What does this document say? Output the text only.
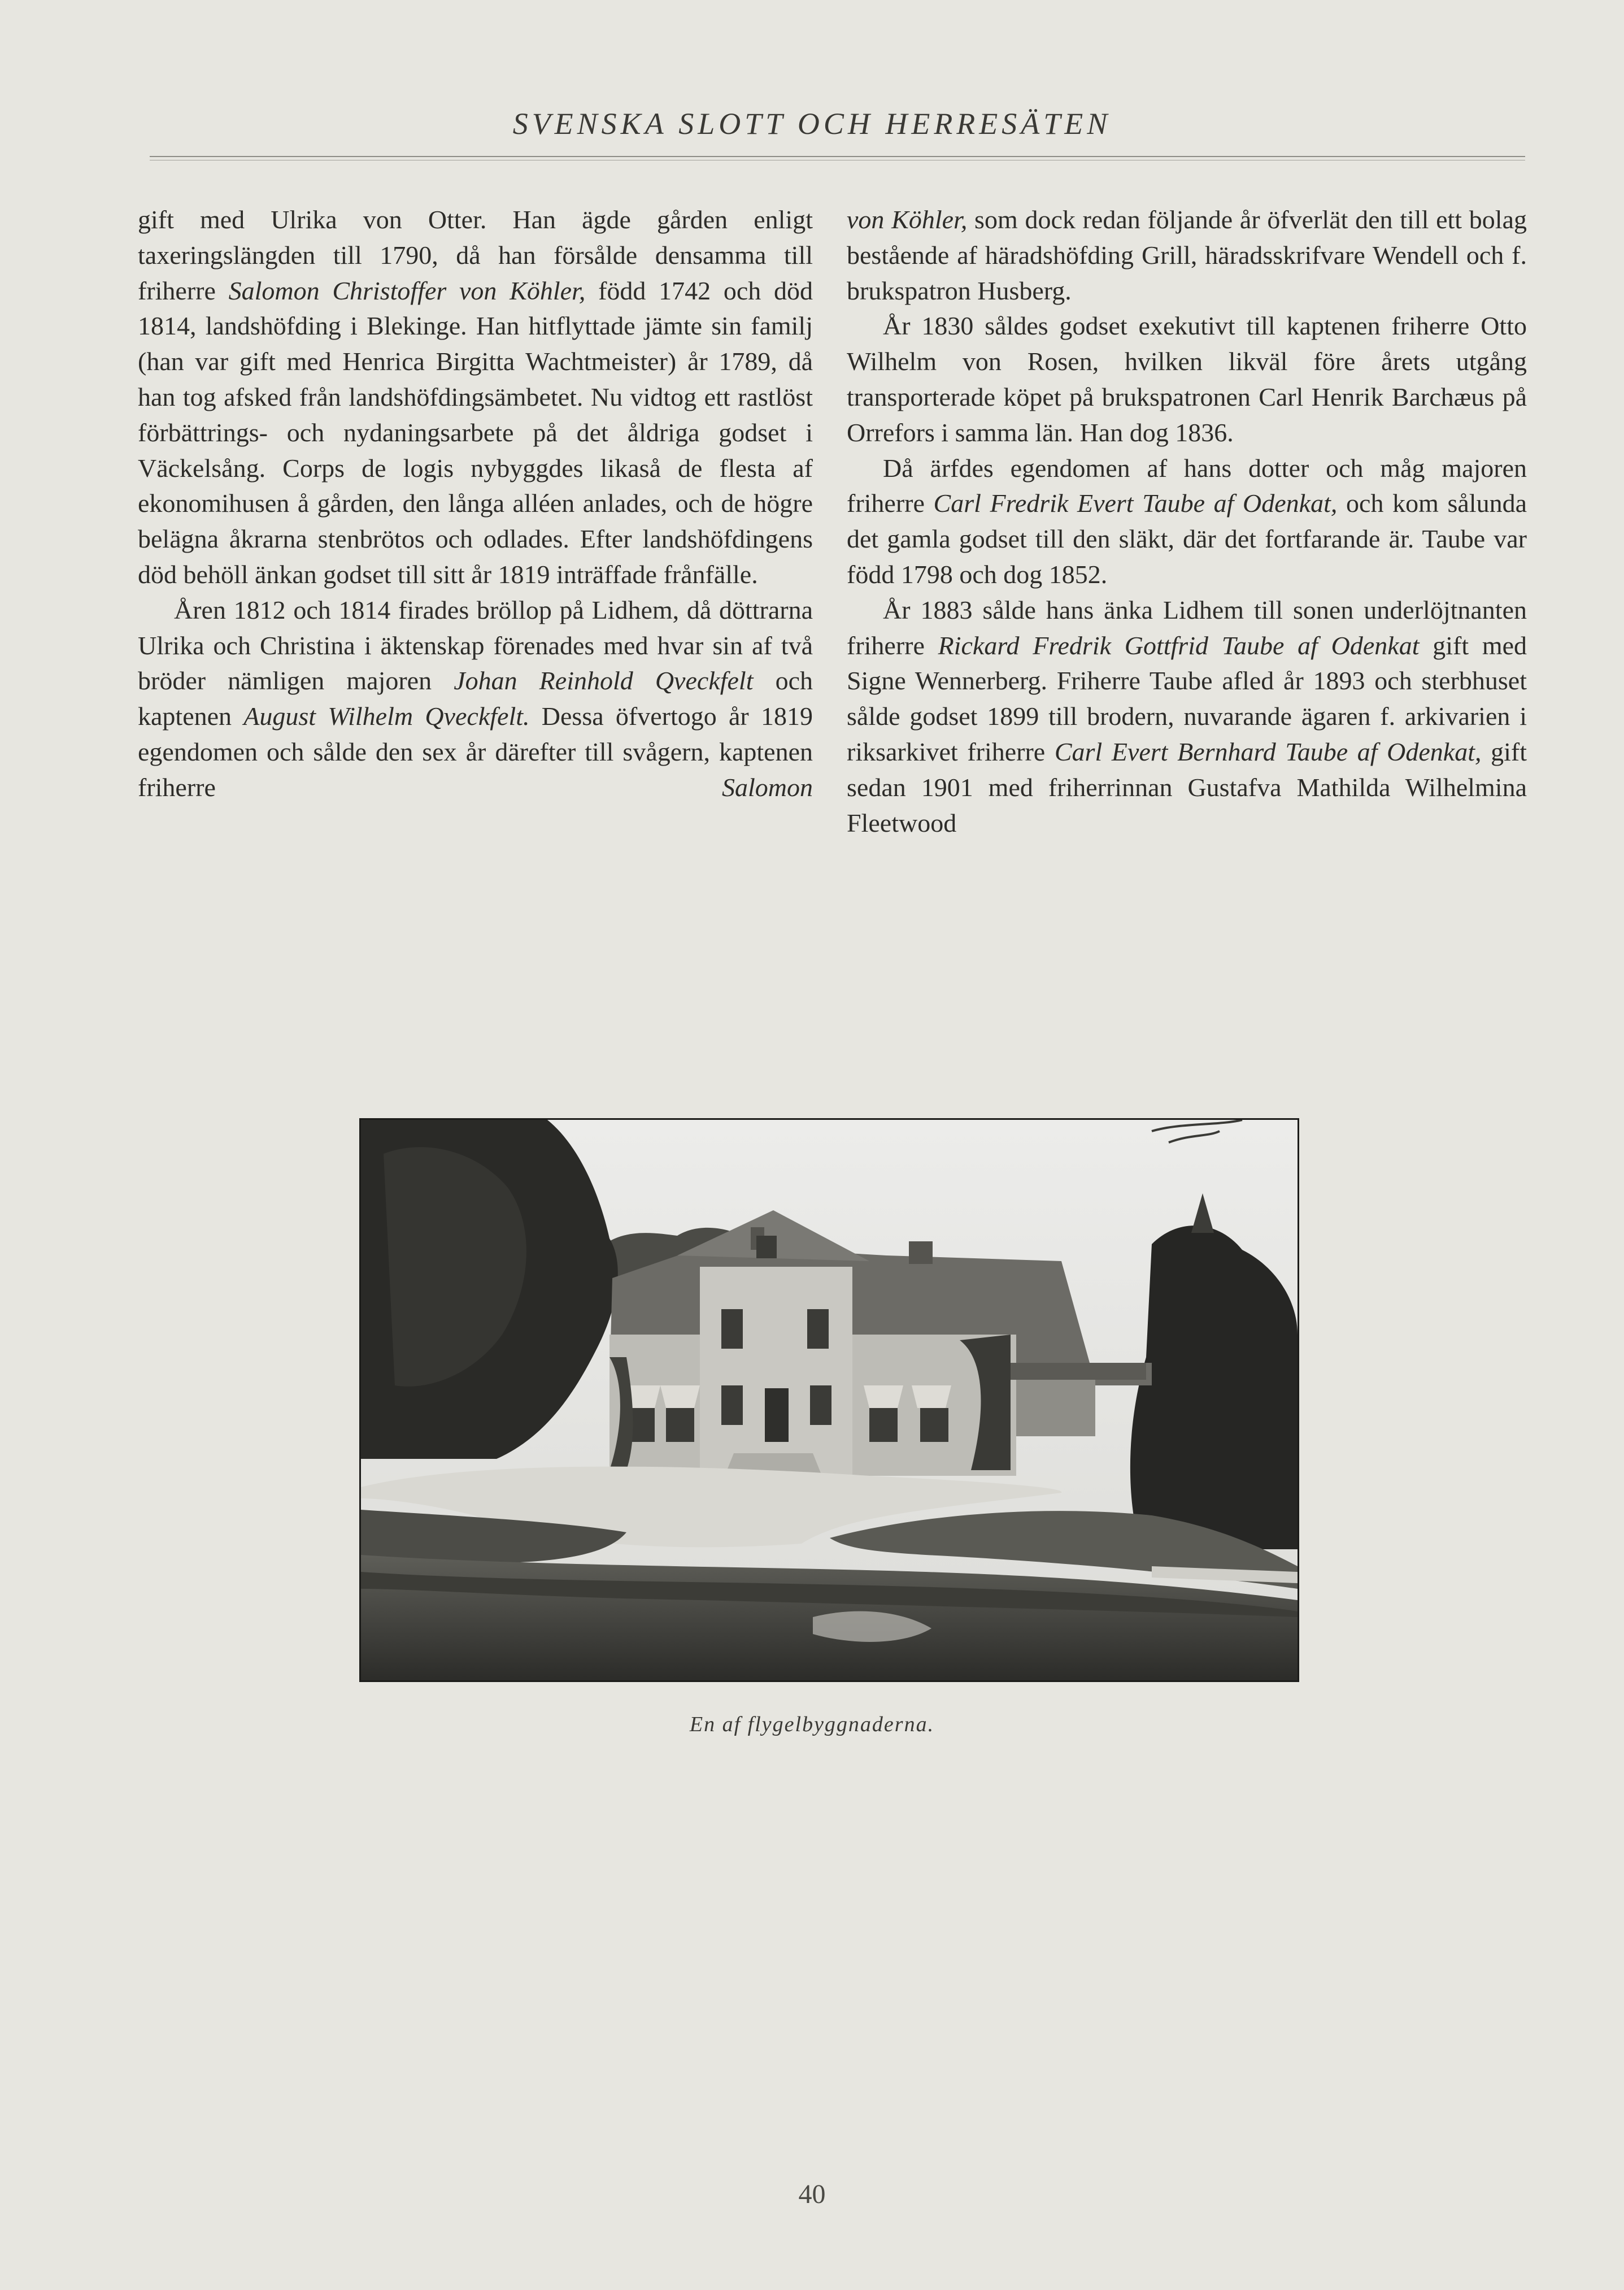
SVENSKA SLOTT OCH HERRESÄTEN

gift med Ulrika von Otter. Han ägde gården enligt taxeringslängden till 1790, då han försålde densamma till friherre Salomon Christoffer von Köhler, född 1742 och död 1814, landshöfding i Blekinge. Han hitflyttade jämte sin familj (han var gift med Henrica Birgitta Wachtmeister) år 1789, då han tog afsked från landshöfdingsämbetet. Nu vidtog ett rastlöst förbättrings- och nydaningsarbete på det åldriga godset i Väckelsång. Corps de logis nybyggdes likaså de flesta af ekonomihusen å gården, den långa alléen anlades, och de högre belägna åkrarna stenbrötos och odlades. Efter landshöfdingens död behöll änkan godset till sitt år 1819 inträffade frånfälle.

Åren 1812 och 1814 firades bröllop på Lidhem, då döttrarna Ulrika och Christina i äktenskap förenades med hvar sin af två bröder nämligen majoren Johan Reinhold Qveckfelt och kaptenen August Wilhelm Qveckfelt. Dessa öfvertogo år 1819 egendomen och sålde den sex år därefter till svågern, kaptenen friherre Salomon

von Köhler, som dock redan följande år öfverlät den till ett bolag bestående af häradshöfding Grill, häradsskrifvare Wendell och f. brukspatron Husberg.

År 1830 såldes godset exekutivt till kaptenen friherre Otto Wilhelm von Rosen, hvilken likväl före årets utgång transporterade köpet på brukspatronen Carl Henrik Barchæus på Orrefors i samma län. Han dog 1836.

Då ärfdes egendomen af hans dotter och måg majoren friherre Carl Fredrik Evert Taube af Odenkat, och kom sålunda det gamla godset till den släkt, där det fortfarande är. Taube var född 1798 och dog 1852.

År 1883 sålde hans änka Lidhem till sonen underlöjtnanten friherre Rickard Fredrik Gottfrid Taube af Odenkat gift med Signe Wennerberg. Friherre Taube afled år 1893 och sterbhuset sålde godset 1899 till brodern, nuvarande ägaren f. arkivarien i riksarkivet friherre Carl Evert Bernhard Taube af Odenkat, gift sedan 1901 med friherrinnan Gustafva Mathilda Wilhelmina Fleetwood

En af flygelbyggnaderna.
40
